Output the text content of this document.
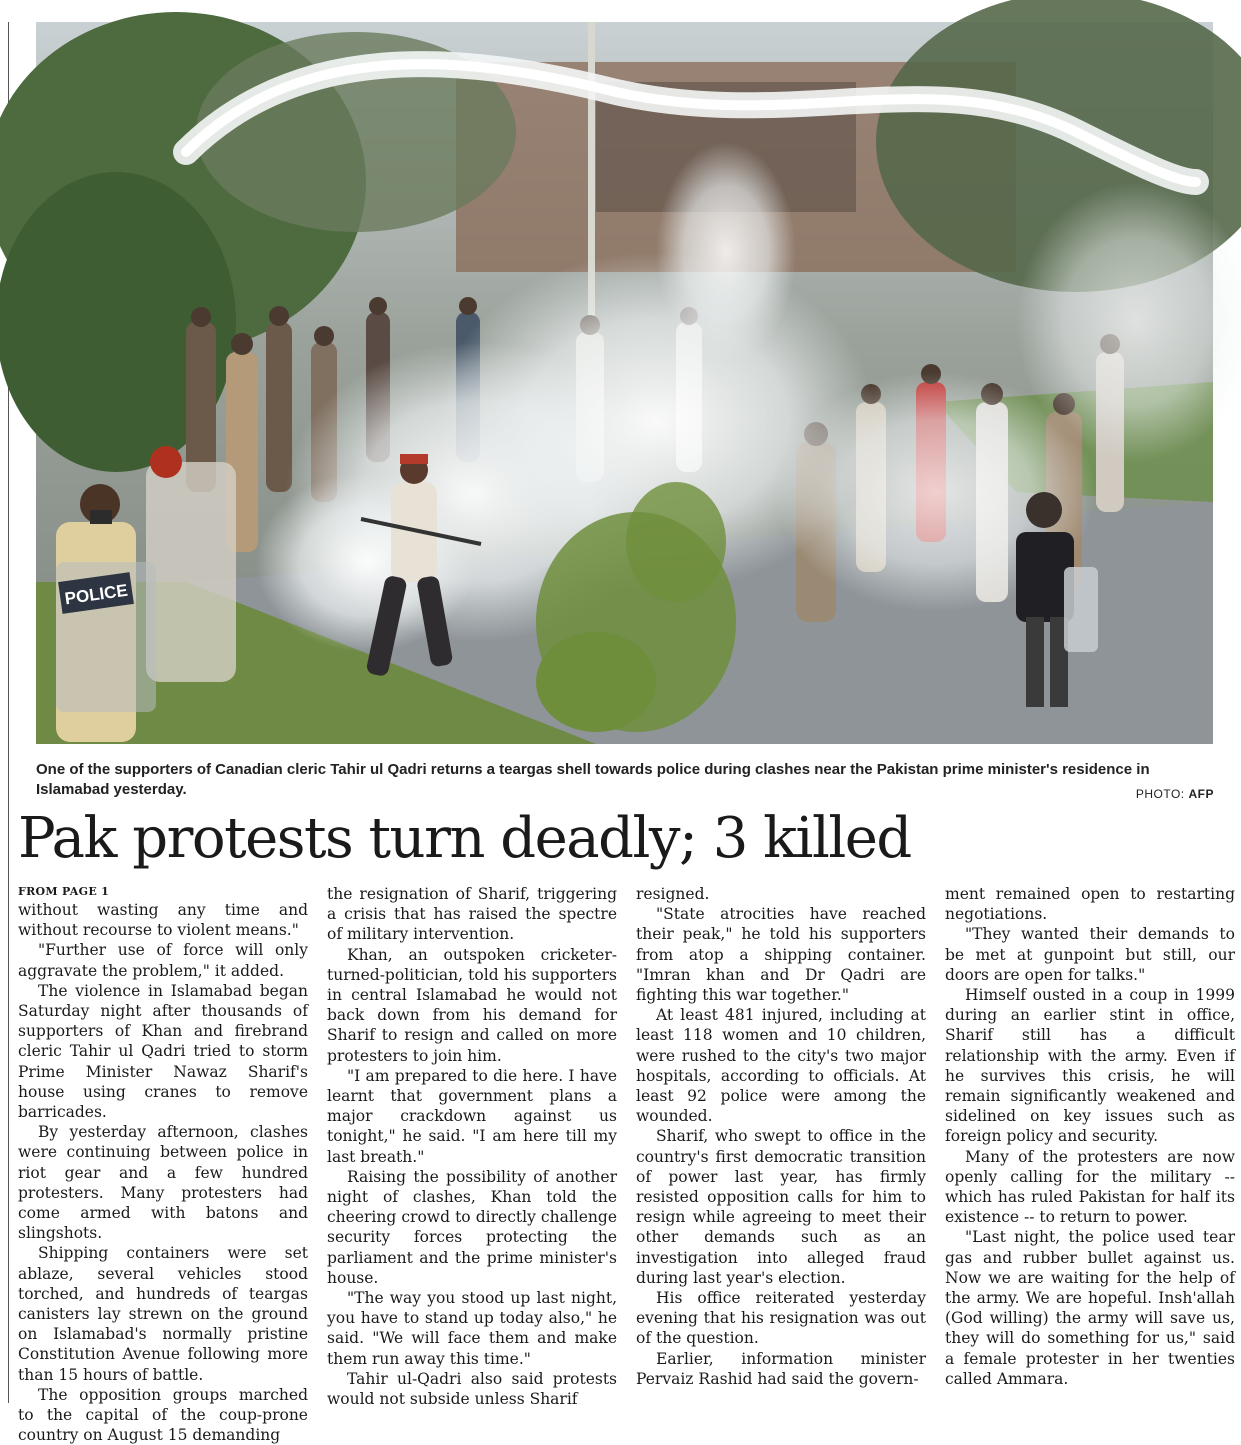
POLICE
One of the supporters of Canadian cleric Tahir ul Qadri returns a teargas shell towards police during clashes near the Pakistan prime minister's residence in Islamabad yesterday.	PHOTO: AFP
Pak protests turn deadly; 3 killed
FROM PAGE 1

without wasting any time and without recourse to violent means."

"Further use of force will only aggravate the problem," it added.

The violence in Islamabad began Saturday night after thousands of supporters of Khan and firebrand cleric Tahir ul Qadri tried to storm Prime Minister Nawaz Sharif's house using cranes to remove barricades.

By yesterday afternoon, clashes were continuing between police in riot gear and a few hundred protesters. Many protesters had come armed with batons and slingshots.

Shipping containers were set ablaze, several vehicles stood torched, and hundreds of teargas canisters lay strewn on the ground on Islamabad's normally pristine Constitution Avenue following more than 15 hours of battle.

The opposition groups marched to the capital of the coup-prone country on August 15 demanding

the resignation of Sharif, triggering a crisis that has raised the spectre of military intervention.

Khan, an outspoken cricketer-turned-politician, told his supporters in central Islamabad he would not back down from his demand for Sharif to resign and called on more protesters to join him.

"I am prepared to die here. I have learnt that government plans a major crackdown against us tonight," he said. "I am here till my last breath."

Raising the possibility of another night of clashes, Khan told the cheering crowd to directly challenge security forces protecting the parliament and the prime minister's house.

"The way you stood up last night, you have to stand up today also," he said. "We will face them and make them run away this time."

Tahir ul-Qadri also said protests would not subside unless Sharif

resigned.

"State atrocities have reached their peak," he told his supporters from atop a shipping container. "Imran khan and Dr Qadri are fighting this war together."

At least 481 injured, including at least 118 women and 10 children, were rushed to the city's two major hospitals, according to officials. At least 92 police were among the wounded.

Sharif, who swept to office in the country's first democratic transition of power last year, has firmly resisted opposition calls for him to resign while agreeing to meet their other demands such as an investigation into alleged fraud during last year's election.

His office reiterated yesterday evening that his resignation was out of the question.

Earlier, information minister Pervaiz Rashid had said the govern-

ment remained open to restarting negotiations.

"They wanted their demands to be met at gunpoint but still, our doors are open for talks."

Himself ousted in a coup in 1999 during an earlier stint in office, Sharif still has a difficult relationship with the army. Even if he survives this crisis, he will remain significantly weakened and sidelined on key issues such as foreign policy and security.

Many of the protesters are now openly calling for the military -- which has ruled Pakistan for half its existence -- to return to power.

"Last night, the police used tear gas and rubber bullet against us. Now we are waiting for the help of the army. We are hopeful. Insh'allah (God willing) the army will save us, they will do something for us," said a female protester in her twenties called Ammara.
